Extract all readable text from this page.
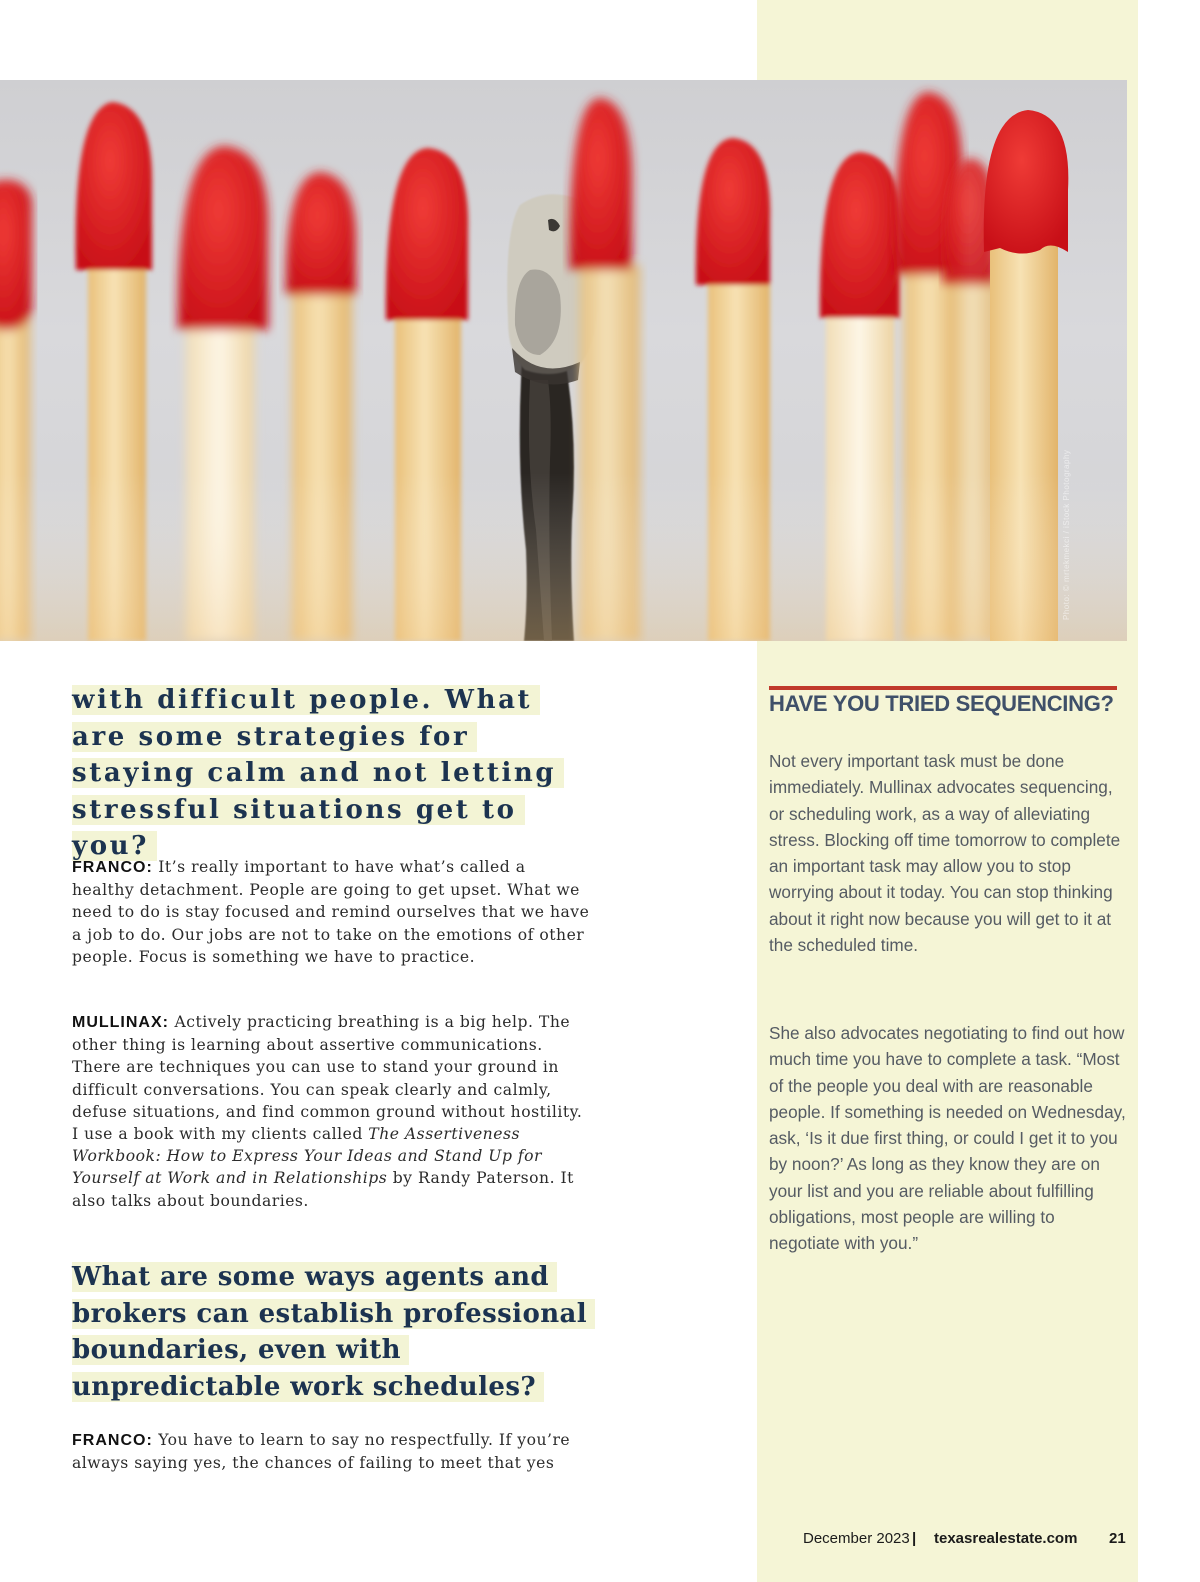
Photo: © mrtekmekci / iStock Photography
with difficult people. What are some strategies for staying calm and not letting stressful situations get to you?

FRANCO: It’s really important to have what’s called a healthy detachment. People are going to get upset. What we need to do is stay focused and remind ourselves that we have a job to do. Our jobs are not to take on the emotions of other people. Focus is something we have to practice.

MULLINAX: Actively practicing breathing is a big help. The other thing is learning about assertive communications. There are techniques you can use to stand your ground in difficult conversations. You can speak clearly and calmly, defuse situations, and find common ground without hostility. I use a book with my clients called The Assertiveness Workbook: How to Express Your Ideas and Stand Up for Yourself at Work and in Relationships by Randy Paterson. It also talks about boundaries.

What are some ways agents and brokers can establish professional boundaries, even with unpredictable work schedules?

FRANCO: You have to learn to say no respectfully. If you’re always saying yes, the chances of failing to meet that yes

HAVE YOU TRIED SEQUENCING?

Not every important task must be done immediately. Mullinax advocates sequencing, or scheduling work, as a way of alleviating stress. Blocking off time tomorrow to complete an important task may allow you to stop worrying about it today. You can stop thinking about it right now because you will get to it at the scheduled time.

She also advocates negotiating to find out how much time you have to complete a task. “Most of the people you deal with are reasonable people. If something is needed on Wednesday, ask, ‘Is it due first thing, or could I get it to you by noon?’ As long as they know they are on your list and you are reliable about fulfilling obligations, most people are willing to negotiate with you.”

December 2023 | texasrealestate.com 21
